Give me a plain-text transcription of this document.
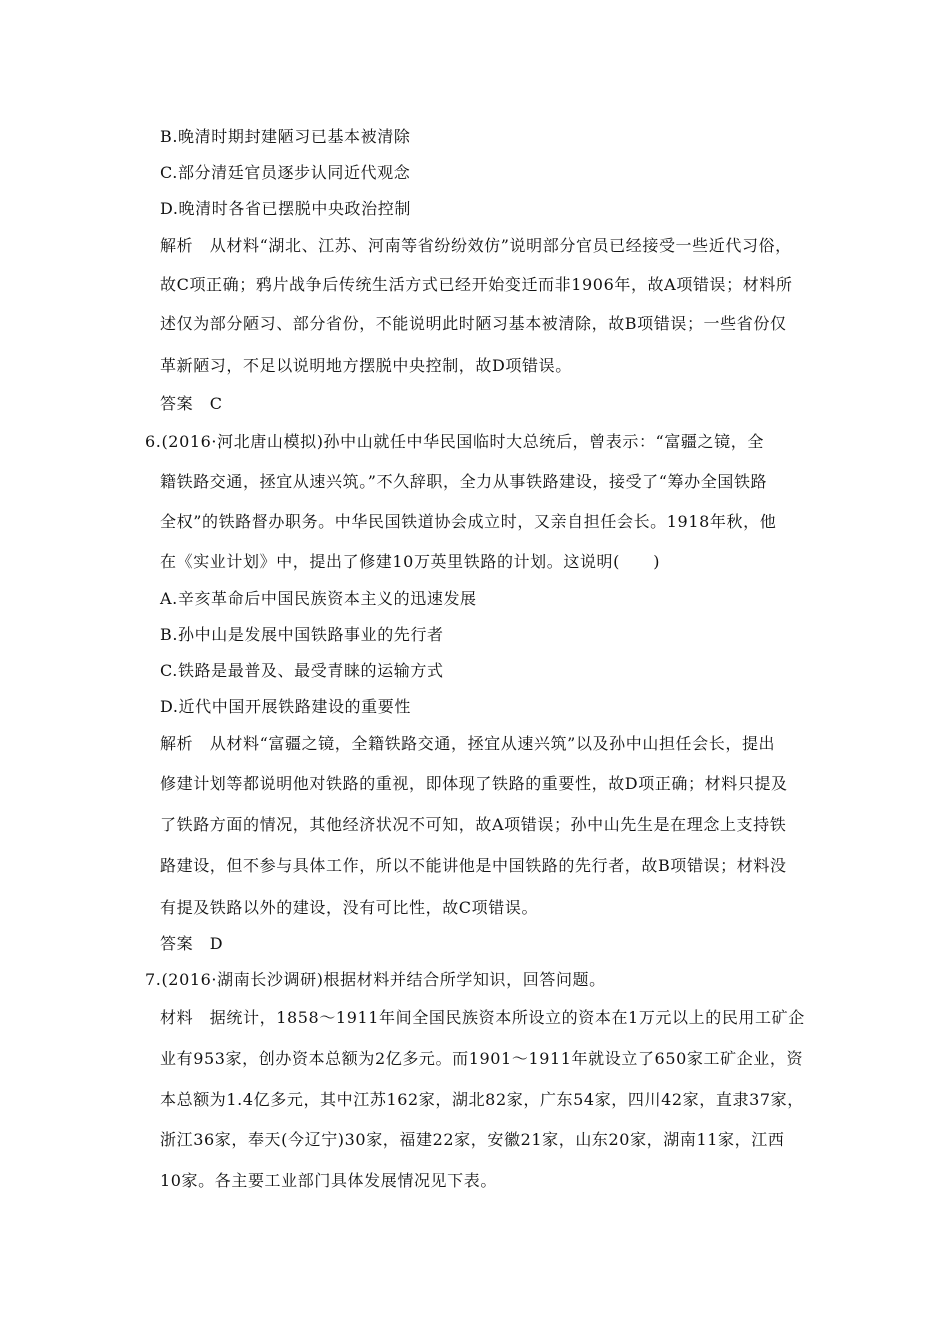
B.晚清时期封建陋习已基本被清除
C.部分清廷官员逐步认同近代观念
D.晚清时各省已摆脱中央政治控制
解析　从材料“湖北、江苏、河南等省纷纷效仿”说明部分官员已经接受一些近代习俗，
故C项正确；鸦片战争后传统生活方式已经开始变迁而非1906年，故A项错误；材料所
述仅为部分陋习、部分省份，不能说明此时陋习基本被清除，故B项错误；一些省份仅
革新陋习，不足以说明地方摆脱中央控制，故D项错误。
答案　C
6.(2016·河北唐山模拟)孙中山就任中华民国临时大总统后，曾表示：“富疆之镜，全
籍铁路交通，拯宜从速兴筑。”不久辞职，全力从事铁路建设，接受了“筹办全国铁路
全权”的铁路督办职务。中华民国铁道协会成立时，又亲自担任会长。1918年秋，他
在《实业计划》中，提出了修建10万英里铁路的计划。这说明(　　)
A.辛亥革命后中国民族资本主义的迅速发展
B.孙中山是发展中国铁路事业的先行者
C.铁路是最普及、最受青睐的运输方式
D.近代中国开展铁路建设的重要性
解析　从材料“富疆之镜，全籍铁路交通，拯宜从速兴筑”以及孙中山担任会长，提出
修建计划等都说明他对铁路的重视，即体现了铁路的重要性，故D项正确；材料只提及
了铁路方面的情况，其他经济状况不可知，故A项错误；孙中山先生是在理念上支持铁
路建设，但不参与具体工作，所以不能讲他是中国铁路的先行者，故B项错误；材料没
有提及铁路以外的建设，没有可比性，故C项错误。
答案　D
7.(2016·湖南长沙调研)根据材料并结合所学知识，回答问题。
材料　据统计，1858～1911年间全国民族资本所设立的资本在1万元以上的民用工矿企
业有953家，创办资本总额为2亿多元。而1901～1911年就设立了650家工矿企业，资
本总额为1.4亿多元，其中江苏162家，湖北82家，广东54家，四川42家，直隶37家，
浙江36家，奉天(今辽宁)30家，福建22家，安徽21家，山东20家，湖南11家，江西
10家。各主要工业部门具体发展情况见下表。
